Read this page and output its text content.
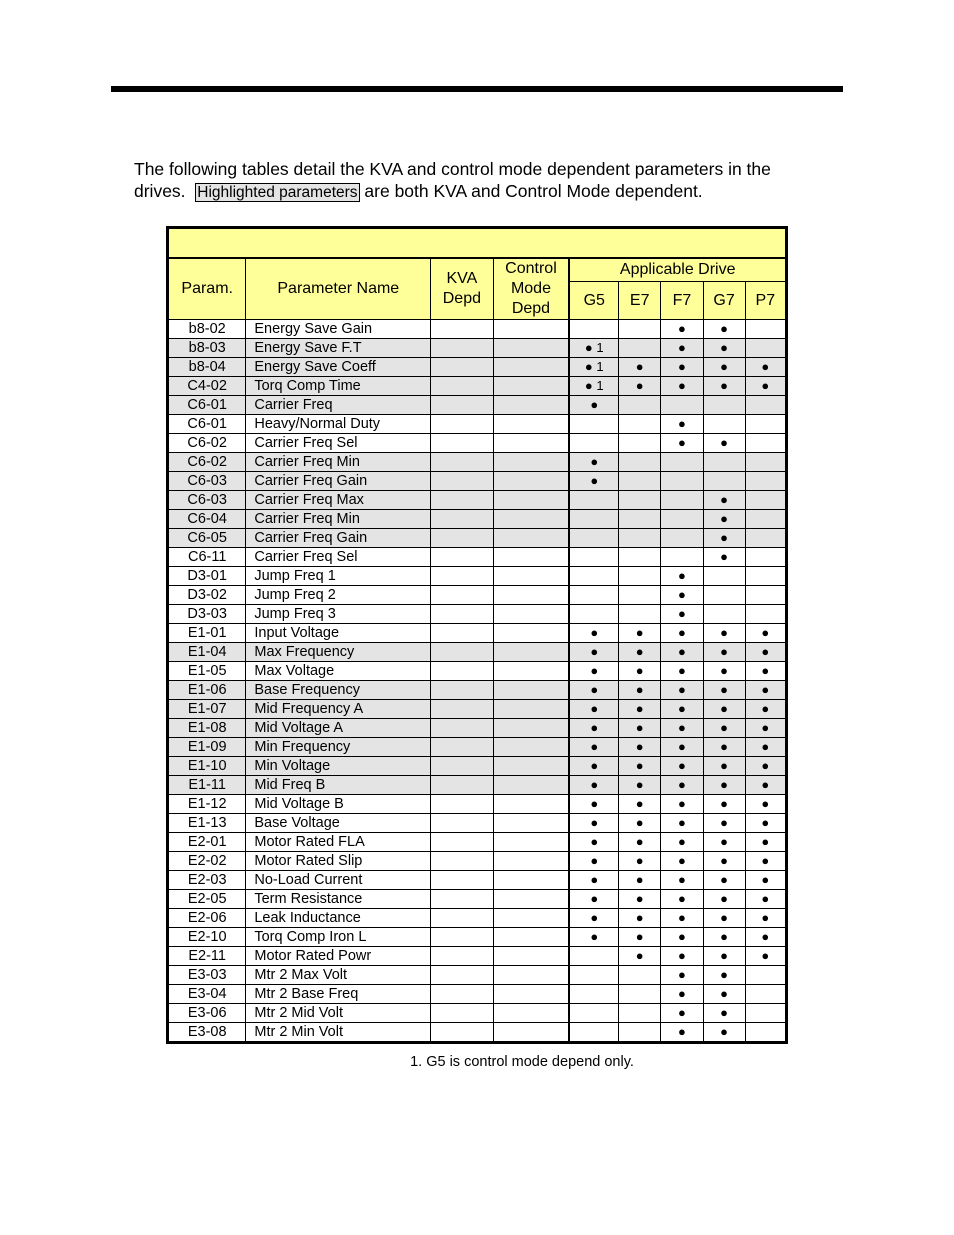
The following tables detail the KVA and control mode dependent parameters in the
drives. Highlighted parameters are both KVA and Control Mode dependent.

Param.	Parameter Name	KVA
Depd	Control
Mode
Depd	Applicable Drive				
				G5	E7	F7	G7	P7
b8-02	Energy Save Gain					●	●	
b8-03	Energy Save F.T			● 1		●	●	
b8-04	Energy Save Coeff			● 1	●	●	●	●
C4-02	Torq Comp Time			● 1	●	●	●	●
C6-01	Carrier Freq			●				
C6-01	Heavy/Normal Duty					●		
C6-02	Carrier Freq Sel					●	●	
C6-02	Carrier Freq Min			●				
C6-03	Carrier Freq Gain			●				
C6-03	Carrier Freq Max						●	
C6-04	Carrier Freq Min						●	
C6-05	Carrier Freq Gain						●	
C6-11	Carrier Freq Sel						●	
D3-01	Jump Freq 1					●		
D3-02	Jump Freq 2					●		
D3-03	Jump Freq 3					●		
E1-01	Input Voltage			●	●	●	●	●
E1-04	Max Frequency			●	●	●	●	●
E1-05	Max Voltage			●	●	●	●	●
E1-06	Base Frequency			●	●	●	●	●
E1-07	Mid Frequency A			●	●	●	●	●
E1-08	Mid Voltage A			●	●	●	●	●
E1-09	Min Frequency			●	●	●	●	●
E1-10	Min Voltage			●	●	●	●	●
E1-11	Mid Freq B			●	●	●	●	●
E1-12	Mid Voltage B			●	●	●	●	●
E1-13	Base Voltage			●	●	●	●	●
E2-01	Motor Rated FLA			●	●	●	●	●
E2-02	Motor Rated Slip			●	●	●	●	●
E2-03	No-Load Current			●	●	●	●	●
E2-05	Term Resistance			●	●	●	●	●
E2-06	Leak Inductance			●	●	●	●	●
E2-10	Torq Comp Iron L			●	●	●	●	●
E2-11	Motor Rated Powr				●	●	●	●
E3-03	Mtr 2 Max Volt					●	●	
E3-04	Mtr 2 Base Freq					●	●	
E3-06	Mtr 2 Mid Volt					●	●	
E3-08	Mtr 2 Min Volt					●	●	
1. G5 is control mode depend only.
